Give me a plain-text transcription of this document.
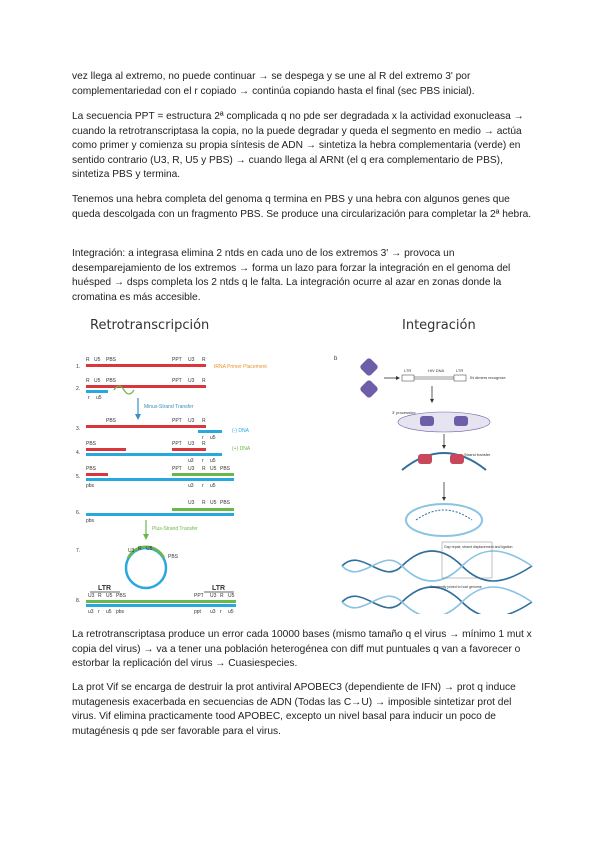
vez llega al extremo, no puede continuar → se despega y se une al R del extremo 3' por complementariedad con el r copiado → continúa copiando hasta el final (sec PBS inicial).

La secuencia PPT = estructura 2ª complicada q no pde ser degradada x la actividad exonucleasa → cuando la retrotranscriptasa la copia, no la puede degradar y queda el segmento en medio → actúa como primer y comienza su propia síntesis de ADN → sintetiza la hebra complementaria (verde) en sentido contrario (U3, R, U5 y PBS) → cuando llega al ARNt (el q era complementario de PBS), sintetiza PBS y termina.

Tenemos una hebra completa del genoma q termina en PBS y una hebra con algunos genes que queda descolgada con un fragmento PBS. Se produce una circularización para completar la 2ª hebra.

Integración: a integrasa elimina 2 ntds en cada uno de los extremos 3' → provoca un desemparejamiento de los extremos → forma un lazo para forzar la integración en el genoma del huésped → dsps completa los 2 ntds q le falta. La integración ocurre al azar en zonas donde la cromatina es más accesible.

Retrotranscripción	Integración
1.
R U5 PBS	PPT U3 R
tRNA Primer Placement
2.
R U5 PBS	PPT U3 R
r u5
Minus-Strand Transfer
3.
PBS	PPT U3 R
r u5
(-) DNA
4.
PBS	PPT U3 R
u3 r u5
(+) DNA
5.
PBS	PPT U3 R U5 PBS
pbs	u3 r u5
6.
U3 R U5 PBS
pbs
Plus-Strand Transfer
7.	U3 R U5
PBS
LTR	LTR
8.
U3 R U5 PBS	PPT U3 R U5
u3 r u5 pbs	ppt u3 r u5
b
LTR	HIV DNA	LTR
IN dimers recognize
3' processing
Strand transfer
Gap repair, strand displacement and ligation
Covalently joined to host genome

La retrotranscriptasa produce un error cada 10000 bases (mismo tamaño q el virus → mínimo 1 mut x copia del virus) → va a tener una población heterogénea con diff mut puntuales q van a favorecer o estorbar la replicación del virus → Cuasiespecies.

La prot Vif se encarga de destruir la prot antiviral APOBEC3 (dependiente de IFN) → prot q induce mutagenesis exacerbada en secuencias de ADN (Todas las C→U) → imposible sintetizar prot del virus. Vif elimina practicamente tood APOBEC, excepto un nivel basal para inducir un poco de mutagénesis q pde ser favorable para el virus.
